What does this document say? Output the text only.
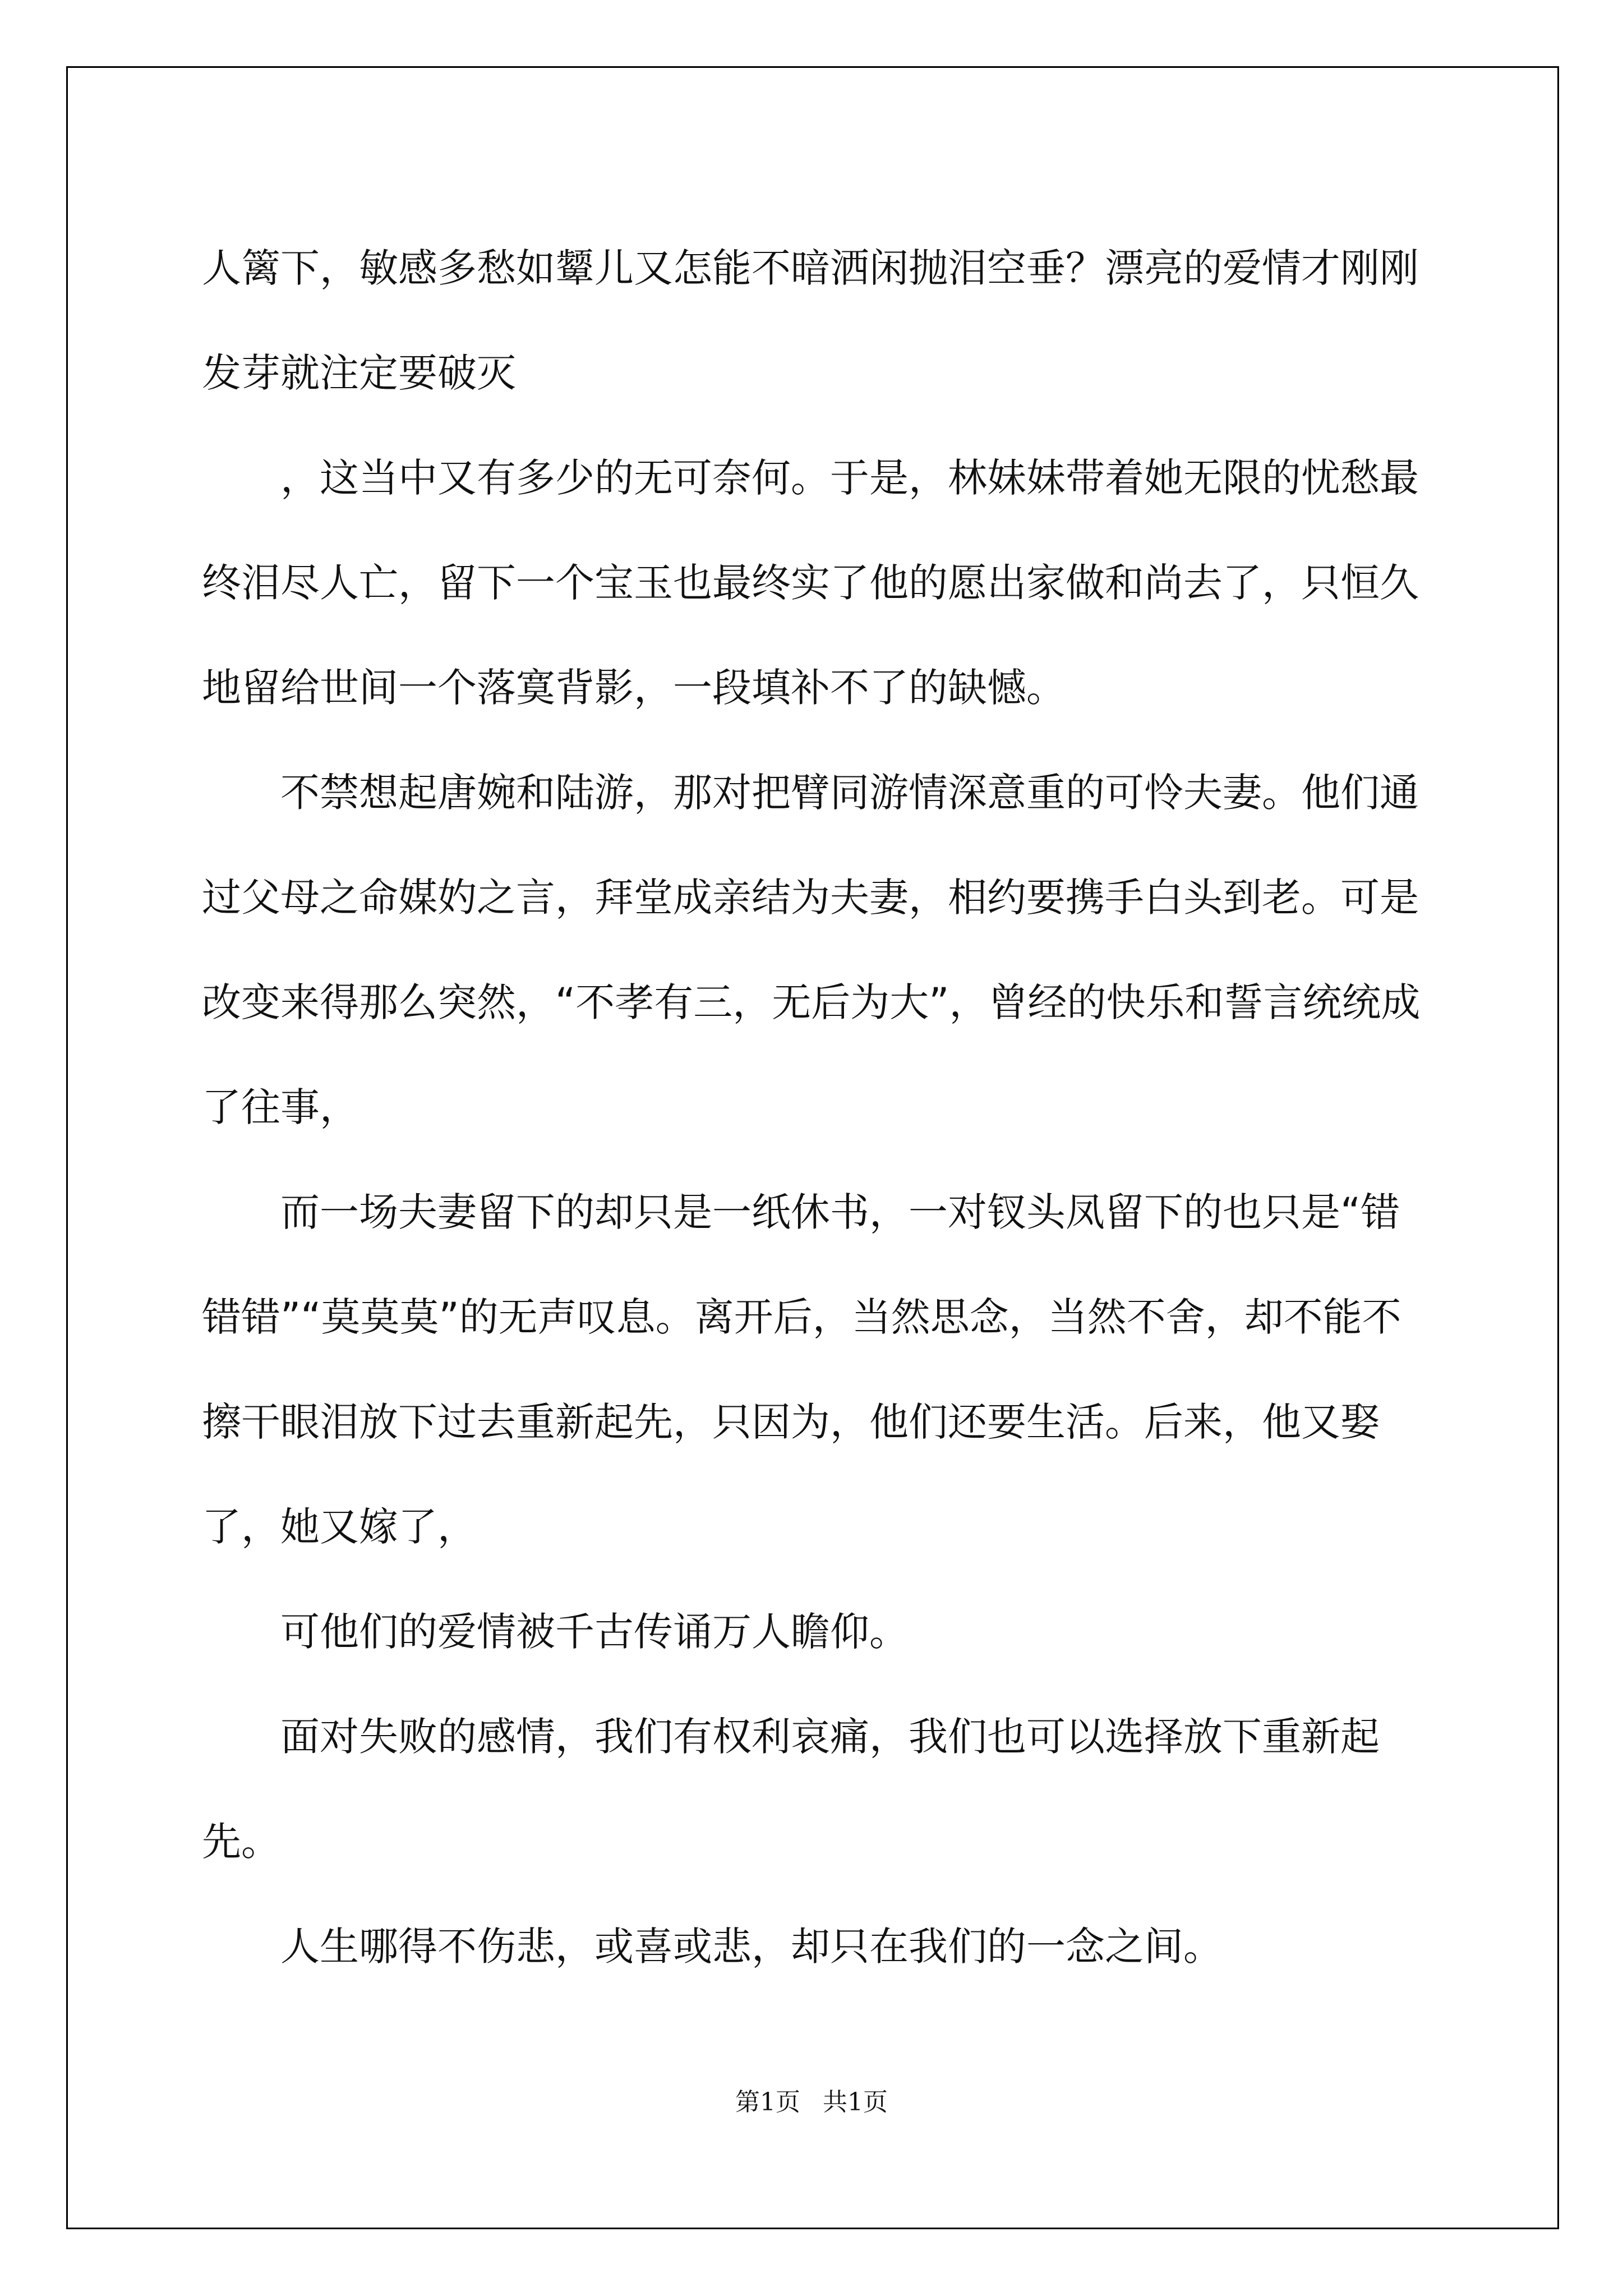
人篱下，敏感多愁如颦儿又怎能不暗洒闲抛泪空垂？漂亮的爱情才刚刚发芽就注定要破灭

，这当中又有多少的无可奈何。于是，林妹妹带着她无限的忧愁最终泪尽人亡，留下一个宝玉也最终实了他的愿出家做和尚去了，只恒久地留给世间一个落寞背影，一段填补不了的缺憾。

不禁想起唐婉和陆游，那对把臂同游情深意重的可怜夫妻。他们通过父母之命媒妁之言，拜堂成亲结为夫妻，相约要携手白头到老。可是改变来得那么突然，“不孝有三，无后为大”，曾经的快乐和誓言统统成了往事，

而一场夫妻留下的却只是一纸休书，一对钗头凤留下的也只是“错错错”“莫莫莫”的无声叹息。离开后，当然思念，当然不舍，却不能不擦干眼泪放下过去重新起先，只因为，他们还要生活。后来，他又娶了，她又嫁了，

可他们的爱情被千古传诵万人瞻仰。

面对失败的感情，我们有权利哀痛，我们也可以选择放下重新起先。

人生哪得不伤悲，或喜或悲，却只在我们的一念之间。

第1页 共1页
